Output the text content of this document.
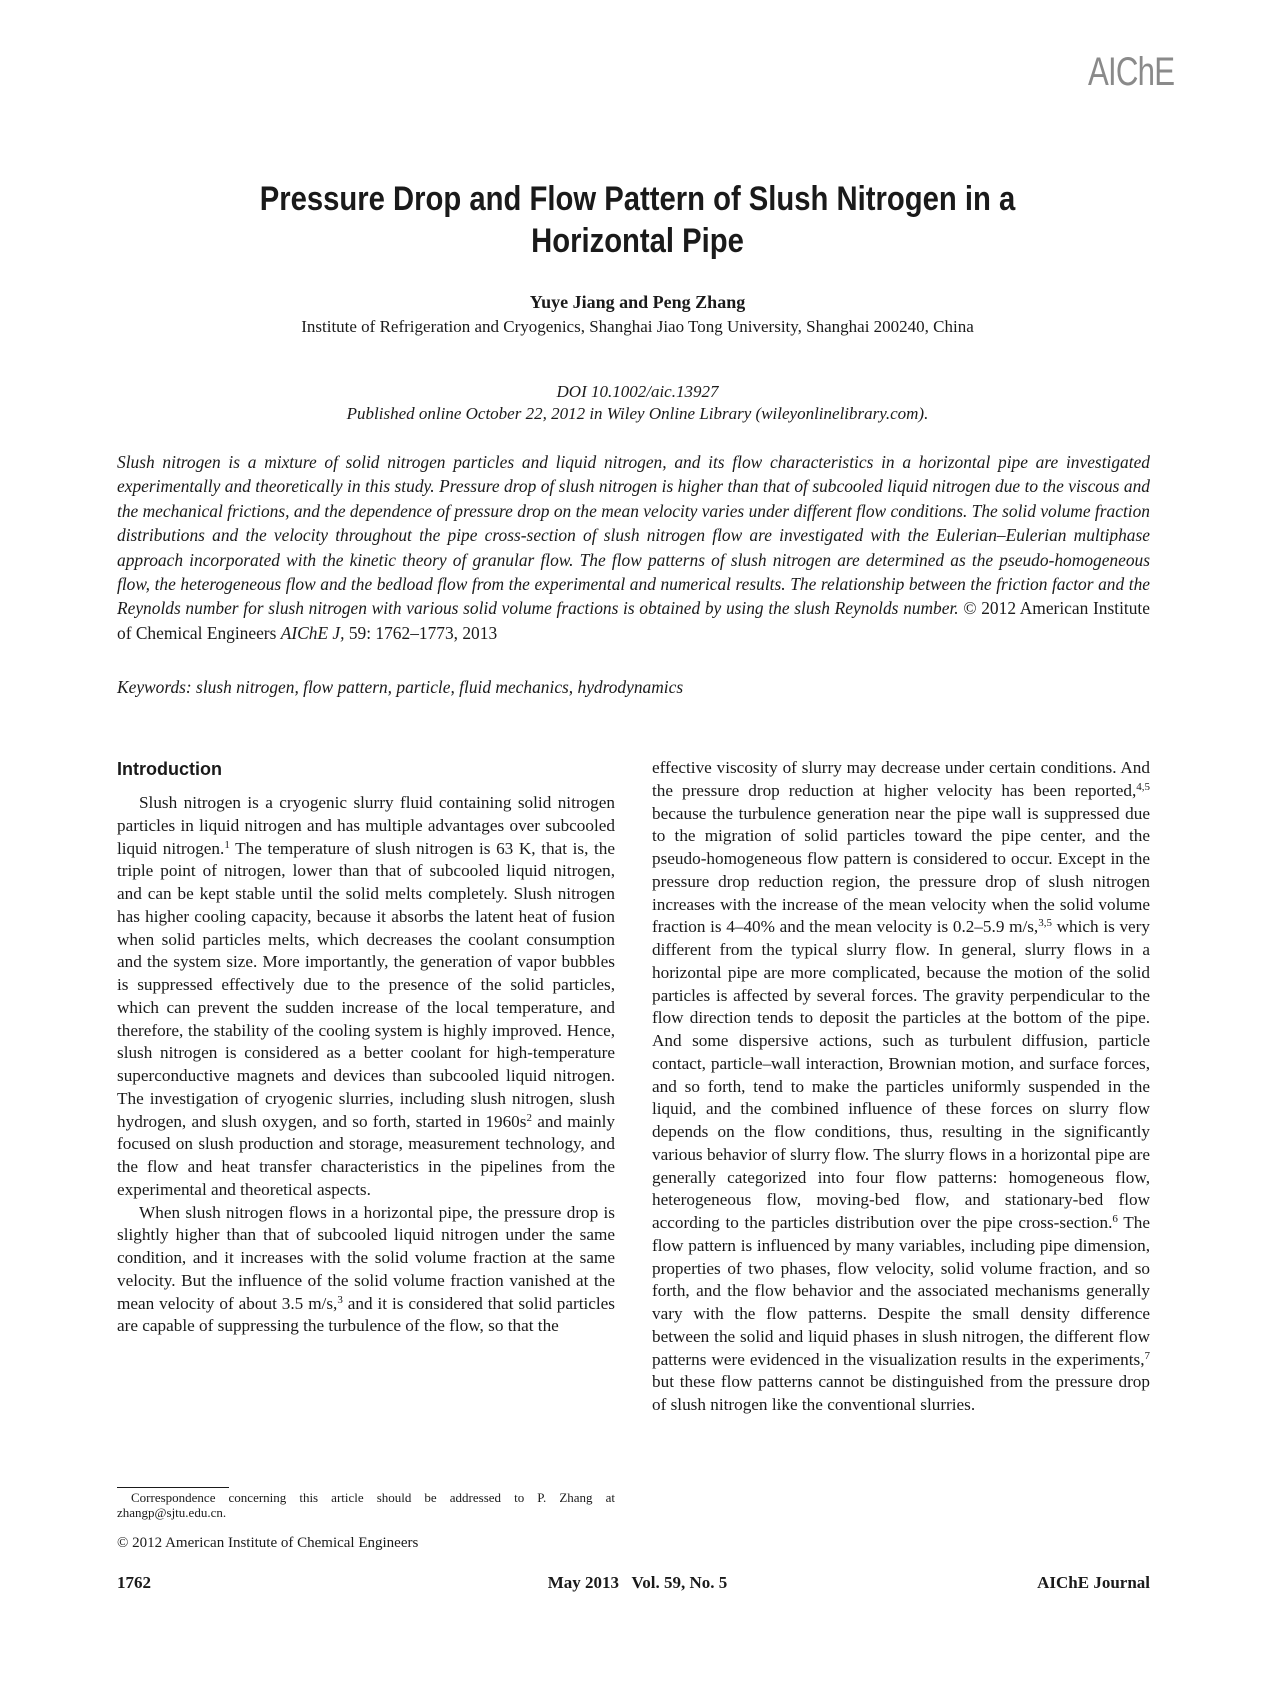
AIChE
Pressure Drop and Flow Pattern of Slush Nitrogen in a Horizontal Pipe
Yuye Jiang and Peng Zhang
Institute of Refrigeration and Cryogenics, Shanghai Jiao Tong University, Shanghai 200240, China
DOI 10.1002/aic.13927
Published online October 22, 2012 in Wiley Online Library (wileyonlinelibrary.com).
Slush nitrogen is a mixture of solid nitrogen particles and liquid nitrogen, and its flow characteristics in a horizontal pipe are investigated experimentally and theoretically in this study. Pressure drop of slush nitrogen is higher than that of subcooled liquid nitrogen due to the viscous and the mechanical frictions, and the dependence of pressure drop on the mean velocity varies under different flow conditions. The solid volume fraction distributions and the velocity throughout the pipe cross-section of slush nitrogen flow are investigated with the Eulerian–Eulerian multiphase approach incorporated with the kinetic theory of granular flow. The flow patterns of slush nitrogen are determined as the pseudo-homogeneous flow, the heterogeneous flow and the bedload flow from the experimental and numerical results. The relationship between the friction factor and the Reynolds number for slush nitrogen with various solid volume fractions is obtained by using the slush Reynolds number. © 2012 American Institute of Chemical Engineers AIChE J, 59: 1762–1773, 2013
Keywords: slush nitrogen, flow pattern, particle, fluid mechanics, hydrodynamics
Introduction

Slush nitrogen is a cryogenic slurry fluid containing solid nitrogen particles in liquid nitrogen and has multiple advantages over subcooled liquid nitrogen.$^1$ The temperature of slush nitrogen is 63 K, that is, the triple point of nitrogen, lower than that of subcooled liquid nitrogen, and can be kept stable until the solid melts completely. Slush nitrogen has higher cooling capacity, because it absorbs the latent heat of fusion when solid particles melts, which decreases the coolant consumption and the system size. More importantly, the generation of vapor bubbles is suppressed effectively due to the presence of the solid particles, which can prevent the sudden increase of the local temperature, and therefore, the stability of the cooling system is highly improved. Hence, slush nitrogen is considered as a better coolant for high-temperature superconductive magnets and devices than subcooled liquid nitrogen. The investigation of cryogenic slurries, including slush nitrogen, slush hydrogen, and slush oxygen, and so forth, started in $1960s^2$ and mainly focused on slush production and storage, measurement technology, and the flow and heat transfer characteristics in the pipelines from the experimental and theoretical aspects.

When slush nitrogen flows in a horizontal pipe, the pressure drop is slightly higher than that of subcooled liquid nitrogen under the same condition, and it increases with the solid volume fraction at the same velocity. But the influence of the solid volume fraction vanished at the mean velocity of about 3.5 m/s,$^3$ and it is considered that solid particles are capable of suppressing the turbulence of the flow, so that the

effective viscosity of slurry may decrease under certain conditions. And the pressure drop reduction at higher velocity has been reported,$^{4,5}$ because the turbulence generation near the pipe wall is suppressed due to the migration of solid particles toward the pipe center, and the pseudo-homogeneous flow pattern is considered to occur. Except in the pressure drop reduction region, the pressure drop of slush nitrogen increases with the increase of the mean velocity when the solid volume fraction is 4–40% and the mean velocity is 0.2–5.9 m/s,$^{3,5}$ which is very different from the typical slurry flow. In general, slurry flows in a horizontal pipe are more complicated, because the motion of the solid particles is affected by several forces. The gravity perpendicular to the flow direction tends to deposit the particles at the bottom of the pipe. And some dispersive actions, such as turbulent diffusion, particle contact, particle–wall interaction, Brownian motion, and surface forces, and so forth, tend to make the particles uniformly suspended in the liquid, and the combined influence of these forces on slurry flow depends on the flow conditions, thus, resulting in the significantly various behavior of slurry flow. The slurry flows in a horizontal pipe are generally categorized into four flow patterns: homogeneous flow, heterogeneous flow, moving-bed flow, and stationary-bed flow according to the particles distribution over the pipe cross-section.$^6$ The flow pattern is influenced by many variables, including pipe dimension, properties of two phases, flow velocity, solid volume fraction, and so forth, and the flow behavior and the associated mechanisms generally vary with the flow patterns. Despite the small density difference between the solid and liquid phases in slush nitrogen, the different flow patterns were evidenced in the visualization results in the experiments,$^7$ but these flow patterns cannot be distinguished from the pressure drop of slush nitrogen like the conventional slurries.

Correspondence concerning this article should be addressed to P. Zhang at zhangp@sjtu.edu.cn.
© 2012 American Institute of Chemical Engineers
1762	May 2013   Vol. 59, No. 5	AIChE Journal
